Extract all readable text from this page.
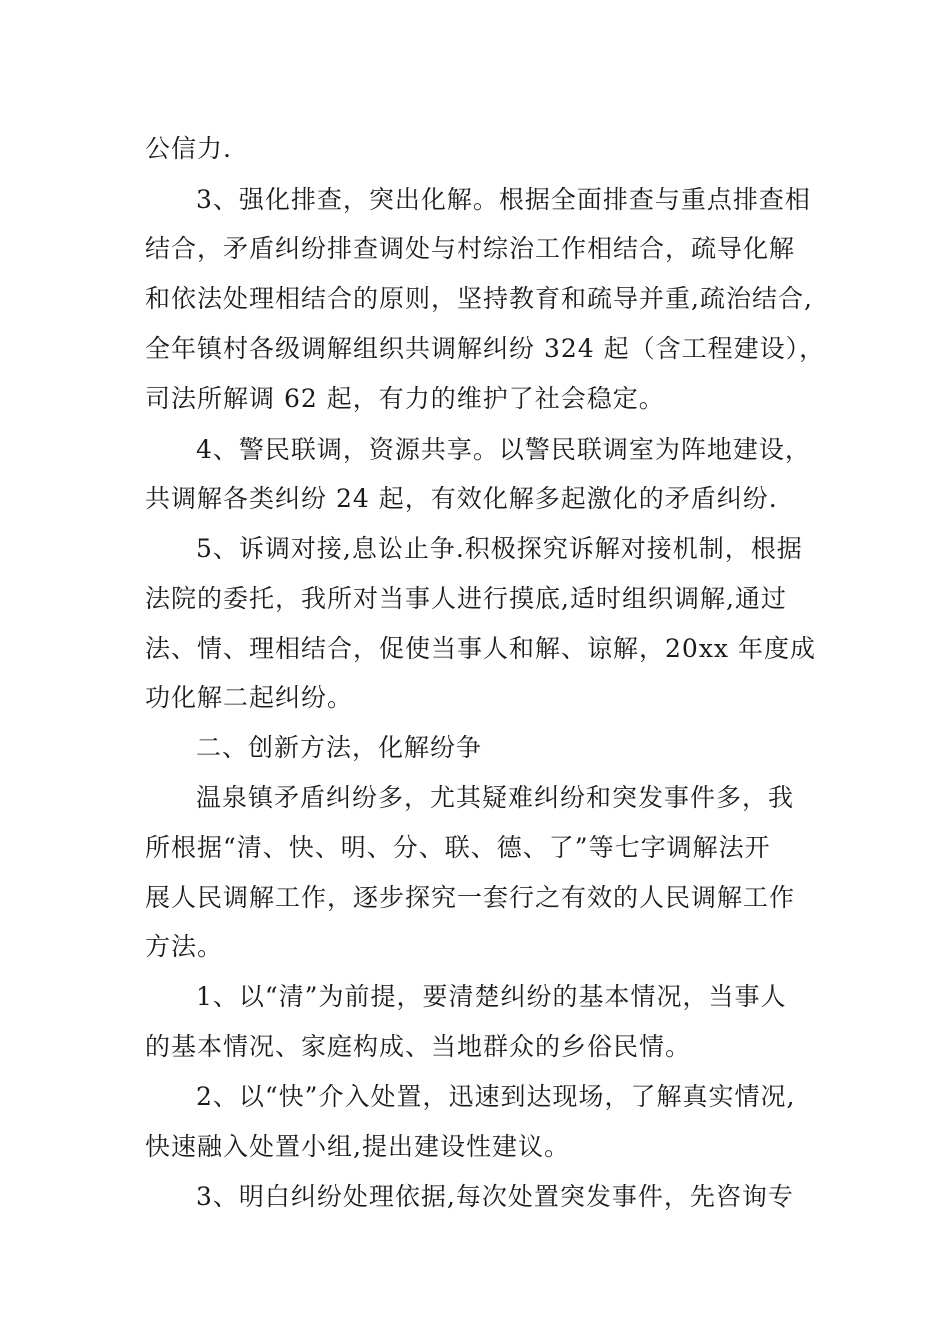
公信力.
3、强化排查，突出化解。根据全面排查与重点排查相
结合，矛盾纠纷排查调处与村综治工作相结合，疏导化解
和依法处理相结合的原则，坚持教育和疏导并重,疏治结合,
全年镇村各级调解组织共调解纠纷 324 起（含工程建设），
司法所解调 62 起，有力的维护了社会稳定。
4、警民联调，资源共享。以警民联调室为阵地建设，
共调解各类纠纷 24 起，有效化解多起激化的矛盾纠纷.
5、诉调对接,息讼止争.积极探究诉解对接机制，根据
法院的委托，我所对当事人进行摸底,适时组织调解,通过
法、情、理相结合，促使当事人和解、谅解，20xx 年度成
功化解二起纠纷。
二、创新方法，化解纷争
温泉镇矛盾纠纷多，尤其疑难纠纷和突发事件多，我
所根据“清、快、明、分、联、德、了”等七字调解法开
展人民调解工作，逐步探究一套行之有效的人民调解工作
方法。
1、以“清”为前提，要清楚纠纷的基本情况，当事人
的基本情况、家庭构成、当地群众的乡俗民情。
2、以“快”介入处置，迅速到达现场，了解真实情况,
快速融入处置小组,提出建设性建议。
3、明白纠纷处理依据,每次处置突发事件，先咨询专
